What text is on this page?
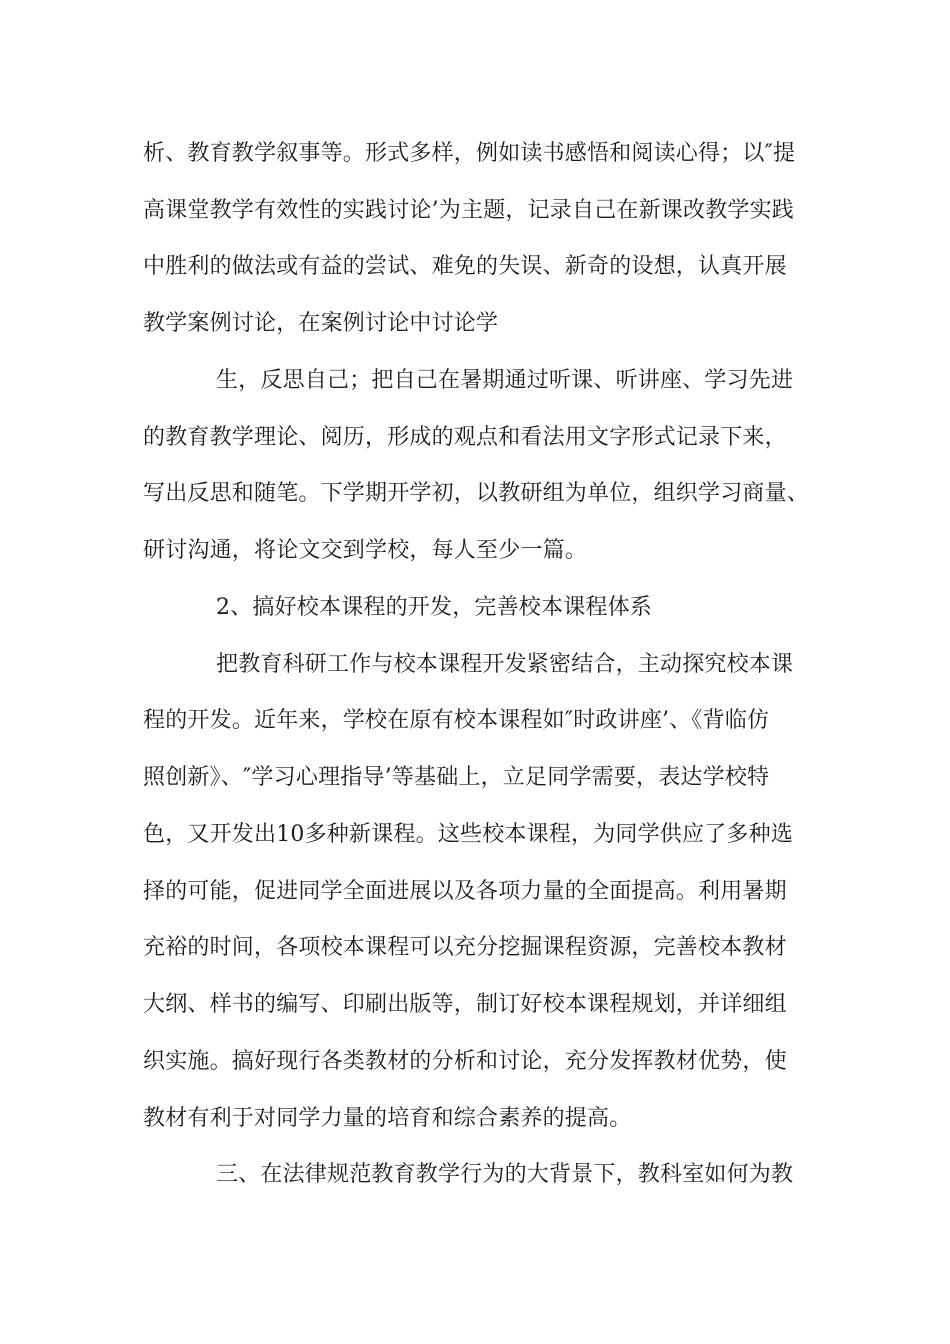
析、教育教学叙事等。形式多样，例如读书感悟和阅读心得；以″提
高课堂教学有效性的实践讨论’为主题，记录自己在新课改教学实践
中胜利的做法或有益的尝试、难免的失误、新奇的设想，认真开展
教学案例讨论，在案例讨论中讨论学
生，反思自己；把自己在暑期通过听课、听讲座、学习先进
的教育教学理论、阅历，形成的观点和看法用文字形式记录下来，
写出反思和随笔。下学期开学初，以教研组为单位，组织学习商量、
研讨沟通，将论文交到学校，每人至少一篇。
2、搞好校本课程的开发，完善校本课程体系
把教育科研工作与校本课程开发紧密结合，主动探究校本课
程的开发。近年来，学校在原有校本课程如″时政讲座’、《背临仿
照创新》、″学习心理指导’等基础上，立足同学需要，表达学校特
色，又开发出10多种新课程。这些校本课程，为同学供应了多种选
择的可能，促进同学全面进展以及各项力量的全面提高。利用暑期
充裕的时间，各项校本课程可以充分挖掘课程资源，完善校本教材
大纲、样书的编写、印刷出版等，制订好校本课程规划，并详细组
织实施。搞好现行各类教材的分析和讨论，充分发挥教材优势，使
教材有利于对同学力量的培育和综合素养的提高。
三、在法律规范教育教学行为的大背景下，教科室如何为教
